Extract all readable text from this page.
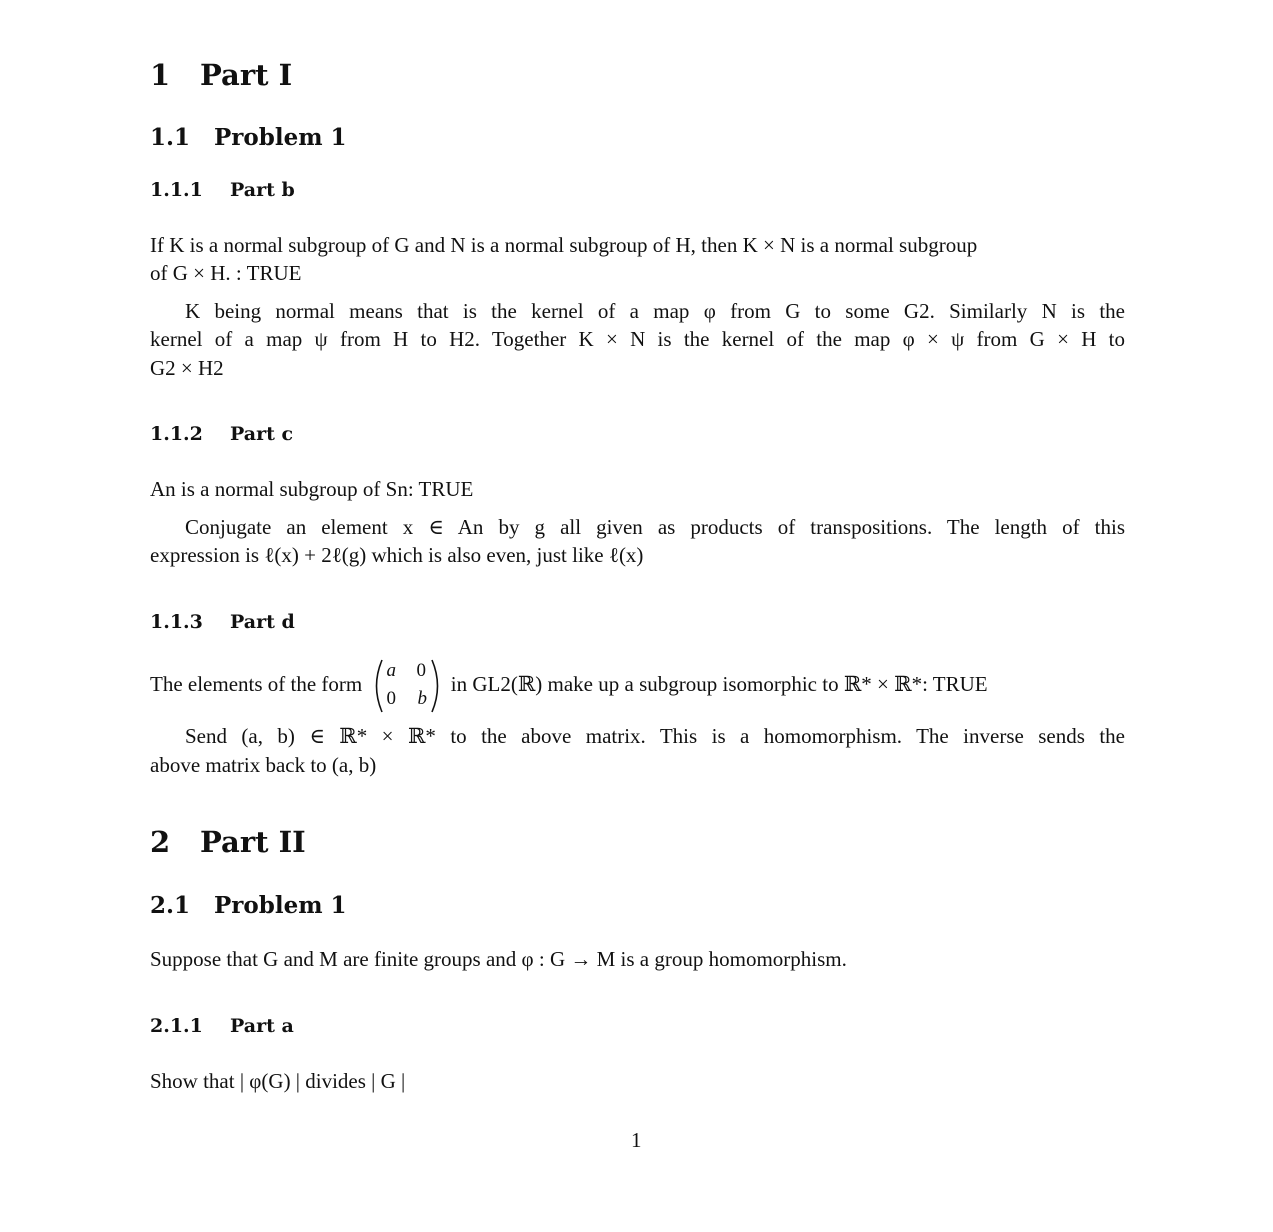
1 Part I
1.1 Problem 1
1.1.1 Part b
If K is a normal subgroup of G and N is a normal subgroup of H, then K × N is a normal subgroup
of G × H. : TRUE
K being normal means that is the kernel of a map φ from G to some G2. Similarly N is the
kernel of a map ψ from H to H2. Together K × N is the kernel of the map φ × ψ from G × H to
G2 × H2
1.1.2 Part c
An is a normal subgroup of Sn: TRUE
Conjugate an element x ∈ An by g all given as products of transpositions. The length of this
expression is ℓ(x) + 2ℓ(g) which is also even, just like ℓ(x)
1.1.3 Part d
The elements of the form
a 0
0 b
in GL2(ℝ) make up a subgroup isomorphic to ℝ* × ℝ*: TRUE
Send (a, b) ∈ ℝ* × ℝ* to the above matrix. This is a homomorphism. The inverse sends the
above matrix back to (a, b)
2 Part II
2.1 Problem 1
Suppose that G and M are finite groups and φ : G → M is a group homomorphism.
2.1.1 Part a
Show that | φ(G) | divides | G |
1
